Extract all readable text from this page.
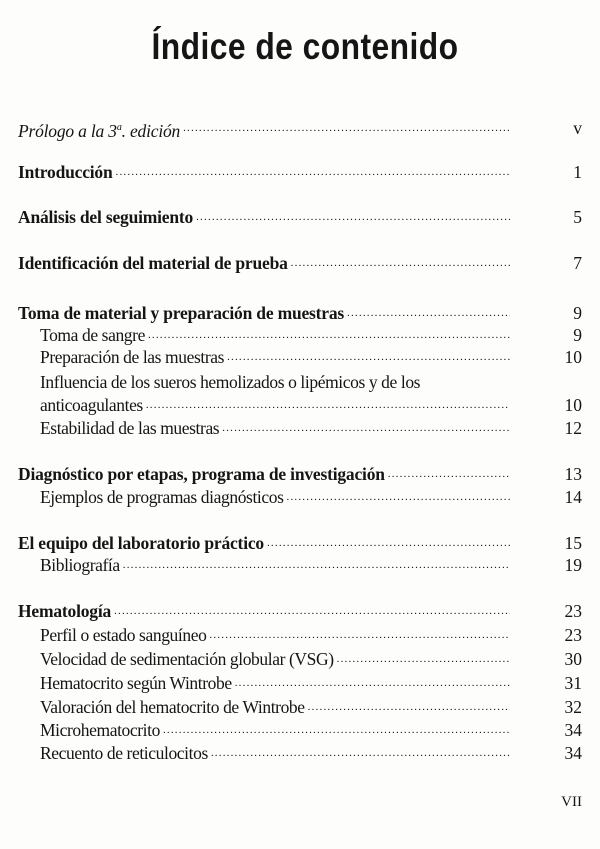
Índice de contenido
Prólogo a la 3$^a$. edición .....	v
Introducción .....	1
Análisis del seguimiento .....	5
Identificación del material de prueba .....	7
Toma de material y preparación de muestras .....	9
Toma de sangre .....	9
Preparación de las muestras .....	10
Influencia de los sueros hemolizados o lipémicos y de los
anticoagulantes .....	10
Estabilidad de las muestras .....	12
Diagnóstico por etapas, programa de investigación .....	13
Ejemplos de programas diagnósticos .....	14
El equipo del laboratorio práctico .....	15
Bibliografía .....	19
Hematología .....	23
Perfil o estado sanguíneo .....	23
Velocidad de sedimentación globular (VSG) .....	30
Hematocrito según Wintrobe .....	31
Valoración del hematocrito de Wintrobe .....	32
Microhematocrito .....	34
Recuento de reticulocitos .....	34
VII
